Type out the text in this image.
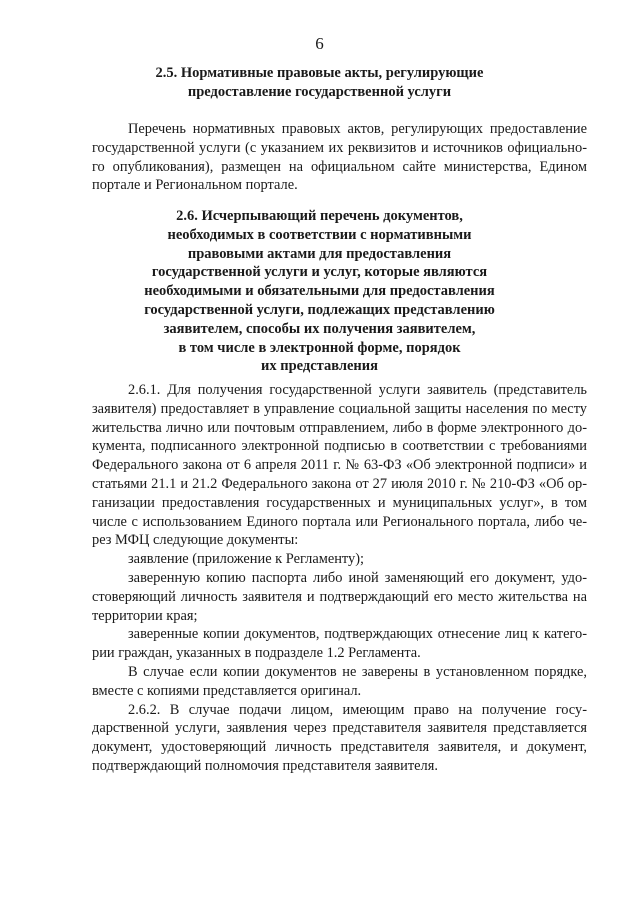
6
2.5. Нормативные правовые акты, регулирующие
предоставление государственной услуги
Перечень нормативных правовых актов, регулирующих предоставление
государственной услуги (с указанием их реквизитов и источников официально-
го опубликования), размещен на официальном сайте министерства, Едином
портале и Региональном портале.
2.6. Исчерпывающий перечень документов,
необходимых в соответствии с нормативными
правовыми актами для предоставления
государственной услуги и услуг, которые являются
необходимыми и обязательными для предоставления
государственной услуги, подлежащих представлению
заявителем, способы их получения заявителем,
в том числе в электронной форме, порядок
их представления
2.6.1. Для получения государственной услуги заявитель (представитель
заявителя) предоставляет в управление социальной защиты населения по месту
жительства лично или почтовым отправлением, либо в форме электронного до-
кумента, подписанного электронной подписью в соответствии с требованиями
Федерального закона от 6 апреля 2011 г. № 63-ФЗ «Об электронной подписи» и
статьями 21.1 и 21.2 Федерального закона от 27 июля 2010 г. № 210-ФЗ «Об ор-
ганизации предоставления государственных и муниципальных услуг», в том
числе с использованием Единого портала или Регионального портала, либо че-
рез МФЦ следующие документы:
заявление (приложение к Регламенту);
заверенную копию паспорта либо иной заменяющий его документ, удо-
стоверяющий личность заявителя и подтверждающий его место жительства на
территории края;
заверенные копии документов, подтверждающих отнесение лиц к катего-
рии граждан, указанных в подразделе 1.2 Регламента.
В случае если копии документов не заверены в установленном порядке,
вместе с копиями представляется оригинал.
2.6.2. В случае подачи лицом, имеющим право на получение госу-
дарственной услуги, заявления через представителя заявителя представляется
документ, удостоверяющий личность представителя заявителя, и документ,
подтверждающий полномочия представителя заявителя.
